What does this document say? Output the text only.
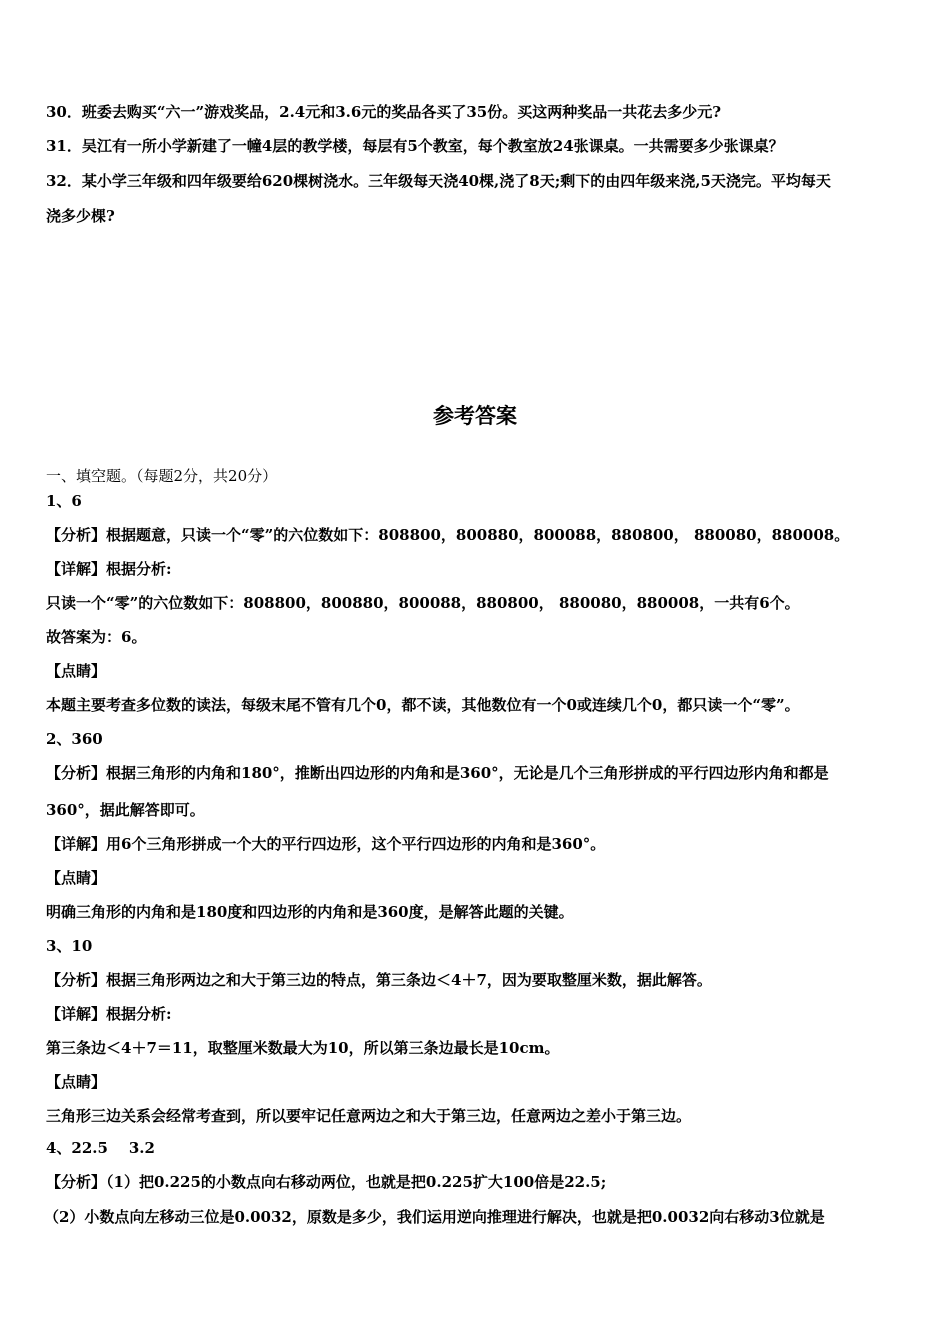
30．班委去购买“六一”游戏奖品，2.4元和3.6元的奖品各买了35份。买这两种奖品一共花去多少元?
31．吴江有一所小学新建了一幢4层的教学楼，每层有5个教室，每个教室放24张课桌。一共需要多少张课桌？
32．某小学三年级和四年级要给620棵树浇水。三年级每天浇40棵,浇了8天;剩下的由四年级来浇,5天浇完。平均每天
浇多少棵?
参考答案
一、填空题。（每题2分，共20分）
1、6
【分析】根据题意，只读一个“零”的六位数如下：808800，800880，800088，880800， 880080，880008。
【详解】根据分析:
只读一个“零”的六位数如下：808800，800880，800088，880800， 880080，880008，一共有6个。
故答案为：6。
【点睛】
本题主要考查多位数的读法，每级末尾不管有几个0，都不读，其他数位有一个0或连续几个0，都只读一个“零”。
2、360
【分析】根据三角形的内角和180°，推断出四边形的内角和是360°，无论是几个三角形拼成的平行四边形内角和都是
360°，据此解答即可。
【详解】用6个三角形拼成一个大的平行四边形，这个平行四边形的内角和是360°。
【点睛】
明确三角形的内角和是180度和四边形的内角和是360度，是解答此题的关键。
3、10
【分析】根据三角形两边之和大于第三边的特点，第三条边＜4＋7，因为要取整厘米数，据此解答。
【详解】根据分析:
第三条边＜4＋7＝11，取整厘米数最大为10，所以第三条边最长是10cm。
【点睛】
三角形三边关系会经常考查到，所以要牢记任意两边之和大于第三边，任意两边之差小于第三边。
4、22.5    3.2
【分析】（1）把0.225的小数点向右移动两位，也就是把0.225扩大100倍是22.5;
（2）小数点向左移动三位是0.0032，原数是多少，我们运用逆向推理进行解决，也就是把0.0032向右移动3位就是
